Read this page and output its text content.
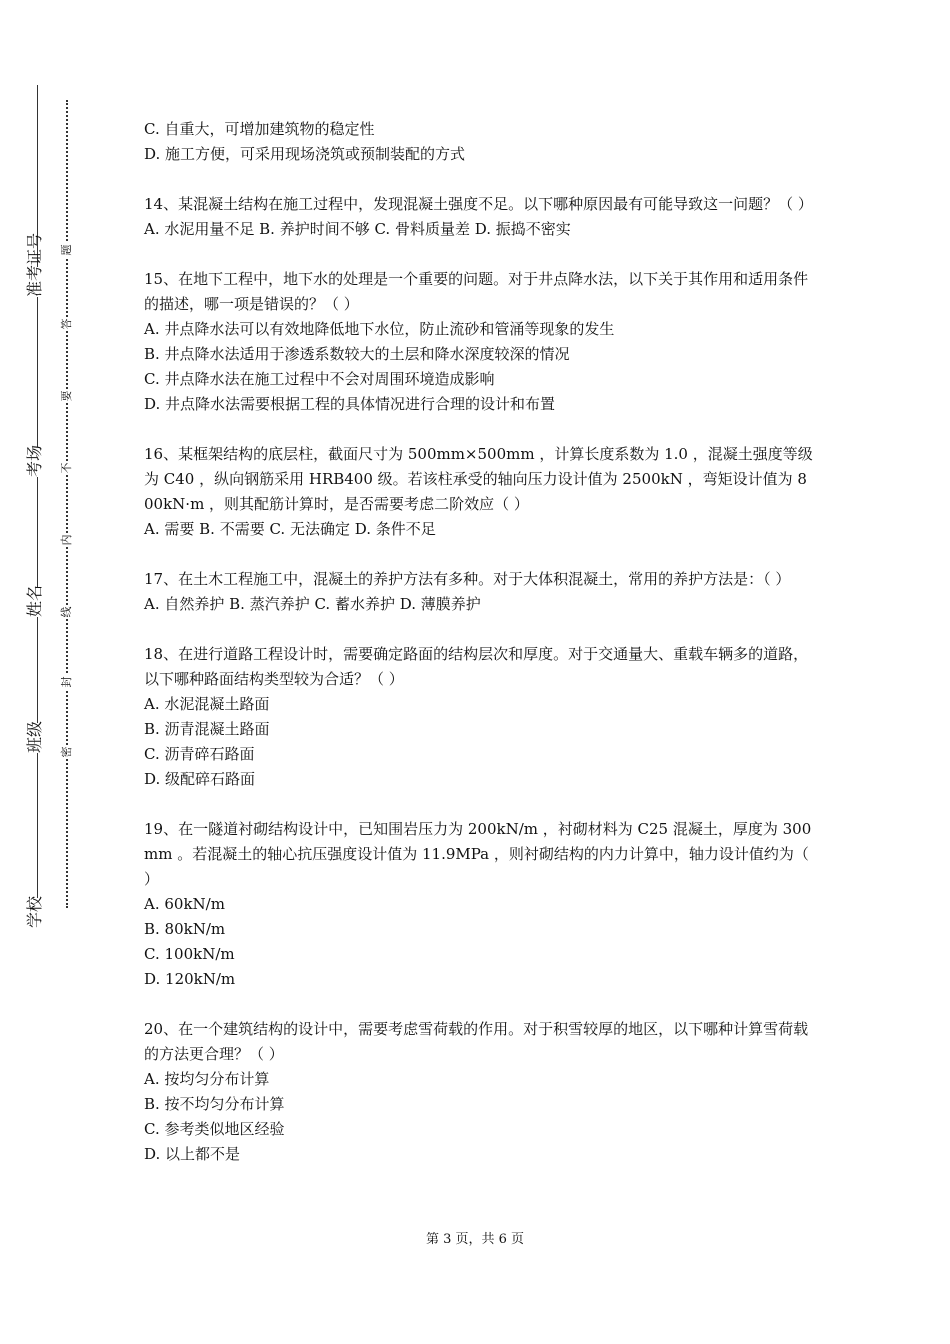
准考证号
考场
姓名
班级
学校
题
答
要
不
内
线
封
密

C. 自重大，可增加建筑物的稳定性

D. 施工方便，可采用现场浇筑或预制装配的方式

14、某混凝土结构在施工过程中，发现混凝土强度不足。以下哪种原因最有可能导致这一问题？（ ）

A. 水泥用量不足 B. 养护时间不够 C. 骨料质量差 D. 振捣不密实

15、在地下工程中，地下水的处理是一个重要的问题。对于井点降水法，以下关于其作用和适用条件的描述，哪一项是错误的？（ ）

A. 井点降水法可以有效地降低地下水位，防止流砂和管涌等现象的发生

B. 井点降水法适用于渗透系数较大的土层和降水深度较深的情况

C. 井点降水法在施工过程中不会对周围环境造成影响

D. 井点降水法需要根据工程的具体情况进行合理的设计和布置

16、某框架结构的底层柱，截面尺寸为 500mm×500mm ，计算长度系数为 1.0 ，混凝土强度等级为 C40 ，纵向钢筋采用 HRB400 级。若该柱承受的轴向压力设计值为 2500kN ，弯矩设计值为 800kN·m ，则其配筋计算时，是否需要考虑二阶效应（ ）

A. 需要 B. 不需要 C. 无法确定 D. 条件不足

17、在土木工程施工中，混凝土的养护方法有多种。对于大体积混凝土，常用的养护方法是：（ ）

A. 自然养护 B. 蒸汽养护 C. 蓄水养护 D. 薄膜养护

18、在进行道路工程设计时，需要确定路面的结构层次和厚度。对于交通量大、重载车辆多的道路，以下哪种路面结构类型较为合适？（ ）

A. 水泥混凝土路面

B. 沥青混凝土路面

C. 沥青碎石路面

D. 级配碎石路面

19、在一隧道衬砌结构设计中，已知围岩压力为 200kN/m ，衬砌材料为 C25 混凝土，厚度为 300mm 。若混凝土的轴心抗压强度设计值为 11.9MPa ，则衬砌结构的内力计算中，轴力设计值约为（ ）

A. 60kN/m

B. 80kN/m

C. 100kN/m

D. 120kN/m

20、在一个建筑结构的设计中，需要考虑雪荷载的作用。对于积雪较厚的地区，以下哪种计算雪荷载的方法更合理？（ ）

A. 按均匀分布计算

B. 按不均匀分布计算

C. 参考类似地区经验

D. 以上都不是

第 3 页，共 6 页
